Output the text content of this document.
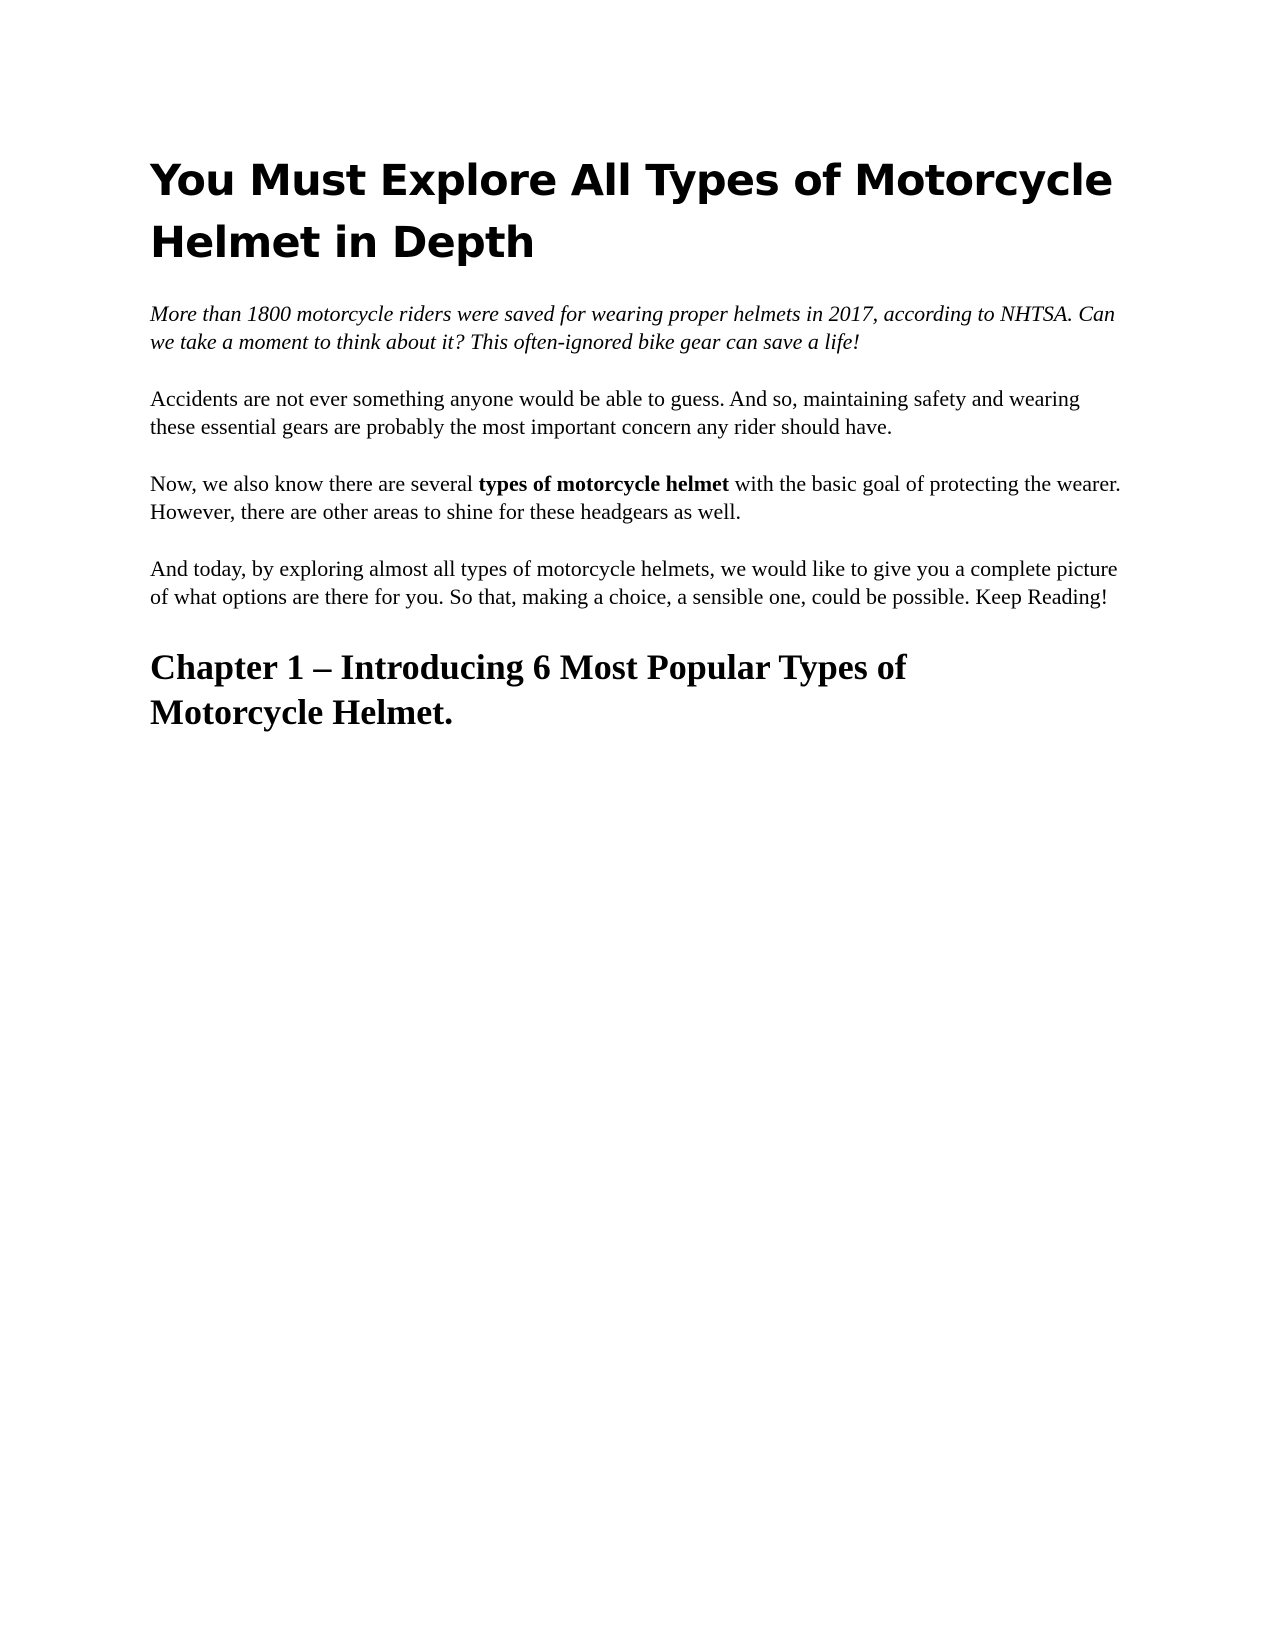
You Must Explore All Types of Motorcycle Helmet in Depth

More than 1800 motorcycle riders were saved for wearing proper helmets in 2017, according to NHTSA. Can we take a moment to think about it? This often-ignored bike gear can save a life!

Accidents are not ever something anyone would be able to guess. And so, maintaining safety and wearing these essential gears are probably the most important concern any rider should have.

Now, we also know there are several types of motorcycle helmet with the basic goal of protecting the wearer. However, there are other areas to shine for these headgears as well.

And today, by exploring almost all types of motorcycle helmets, we would like to give you a complete picture of what options are there for you. So that, making a choice, a sensible one, could be possible. Keep Reading!

Chapter 1 – Introducing 6 Most Popular Types of Motorcycle Helmet.
